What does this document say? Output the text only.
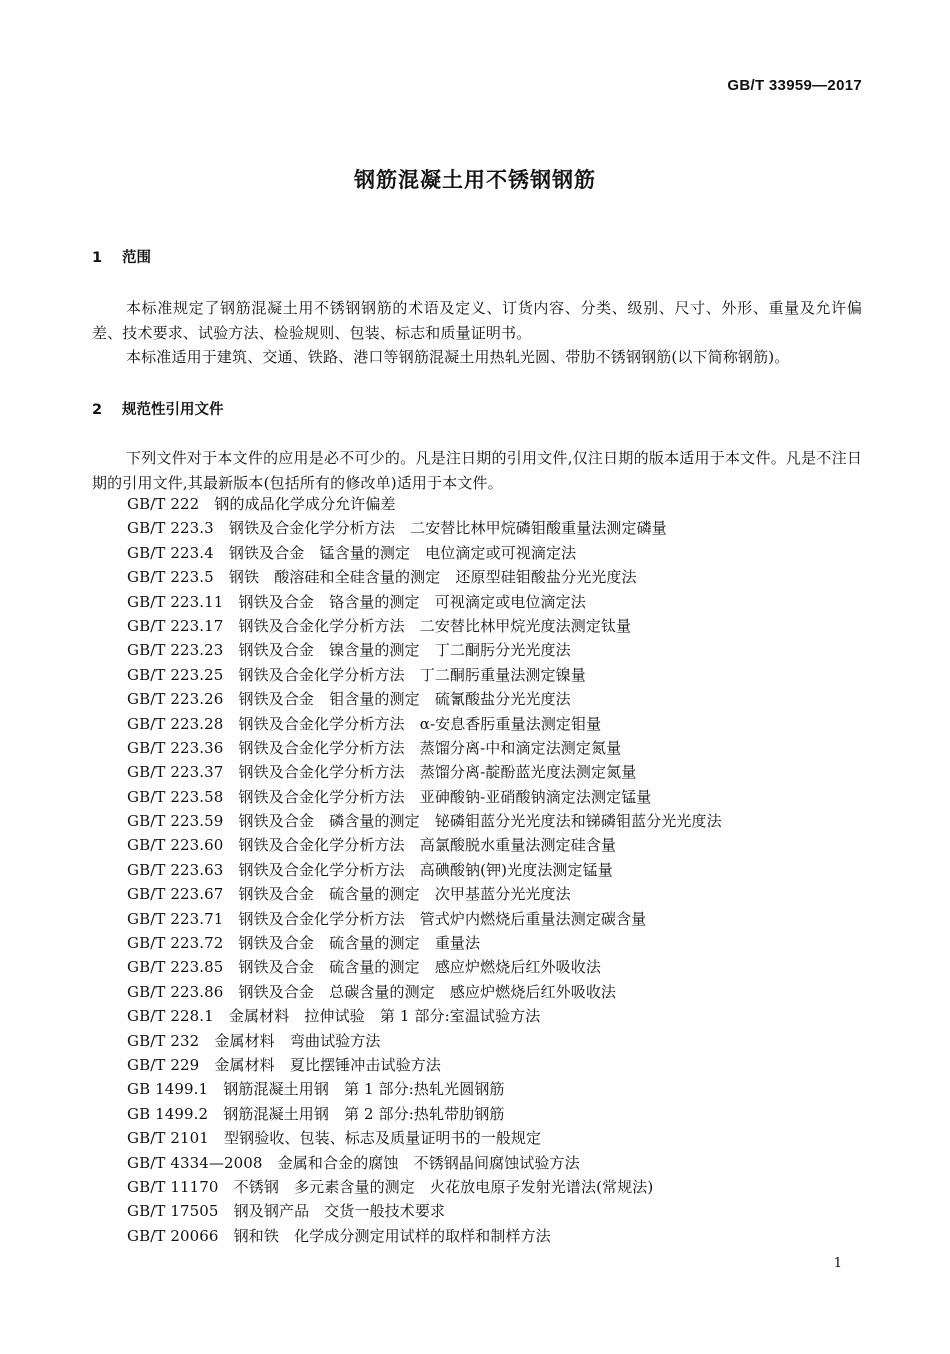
GB/T 33959—2017
钢筋混凝土用不锈钢钢筋
1 范围
本标准规定了钢筋混凝土用不锈钢钢筋的术语及定义、订货内容、分类、级别、尺寸、外形、重量及允许偏差、技术要求、试验方法、检验规则、包装、标志和质量证明书。
本标准适用于建筑、交通、铁路、港口等钢筋混凝土用热轧光圆、带肋不锈钢钢筋(以下简称钢筋)。
2 规范性引用文件
下列文件对于本文件的应用是必不可少的。凡是注日期的引用文件,仅注日期的版本适用于本文件。凡是不注日期的引用文件,其最新版本(包括所有的修改单)适用于本文件。
GB/T 222  钢的成品化学成分允许偏差
GB/T 223.3  钢铁及合金化学分析方法　二安替比林甲烷磷钼酸重量法测定磷量
GB/T 223.4  钢铁及合金　锰含量的测定　电位滴定或可视滴定法
GB/T 223.5  钢铁　酸溶硅和全硅含量的测定　还原型硅钼酸盐分光光度法
GB/T 223.11  钢铁及合金　铬含量的测定　可视滴定或电位滴定法
GB/T 223.17  钢铁及合金化学分析方法　二安替比林甲烷光度法测定钛量
GB/T 223.23  钢铁及合金　镍含量的测定　丁二酮肟分光光度法
GB/T 223.25  钢铁及合金化学分析方法　丁二酮肟重量法测定镍量
GB/T 223.26  钢铁及合金　钼含量的测定　硫氰酸盐分光光度法
GB/T 223.28  钢铁及合金化学分析方法　α-安息香肟重量法测定钼量
GB/T 223.36  钢铁及合金化学分析方法　蒸馏分离-中和滴定法测定氮量
GB/T 223.37  钢铁及合金化学分析方法　蒸馏分离-靛酚蓝光度法测定氮量
GB/T 223.58  钢铁及合金化学分析方法　亚砷酸钠-亚硝酸钠滴定法测定锰量
GB/T 223.59  钢铁及合金　磷含量的测定　铋磷钼蓝分光光度法和锑磷钼蓝分光光度法
GB/T 223.60  钢铁及合金化学分析方法　高氯酸脱水重量法测定硅含量
GB/T 223.63  钢铁及合金化学分析方法　高碘酸钠(钾)光度法测定锰量
GB/T 223.67  钢铁及合金　硫含量的测定　次甲基蓝分光光度法
GB/T 223.71  钢铁及合金化学分析方法　管式炉内燃烧后重量法测定碳含量
GB/T 223.72  钢铁及合金　硫含量的测定　重量法
GB/T 223.85  钢铁及合金　硫含量的测定　感应炉燃烧后红外吸收法
GB/T 223.86  钢铁及合金　总碳含量的测定　感应炉燃烧后红外吸收法
GB/T 228.1  金属材料　拉伸试验　第 1 部分:室温试验方法
GB/T 232  金属材料　弯曲试验方法
GB/T 229  金属材料　夏比摆锤冲击试验方法
GB 1499.1  钢筋混凝土用钢　第 1 部分:热轧光圆钢筋
GB 1499.2  钢筋混凝土用钢　第 2 部分:热轧带肋钢筋
GB/T 2101  型钢验收、包装、标志及质量证明书的一般规定
GB/T 4334—2008  金属和合金的腐蚀　不锈钢晶间腐蚀试验方法
GB/T 11170  不锈钢　多元素含量的测定　火花放电原子发射光谱法(常规法)
GB/T 17505  钢及钢产品　交货一般技术要求
GB/T 20066  钢和铁　化学成分测定用试样的取样和制样方法
1
